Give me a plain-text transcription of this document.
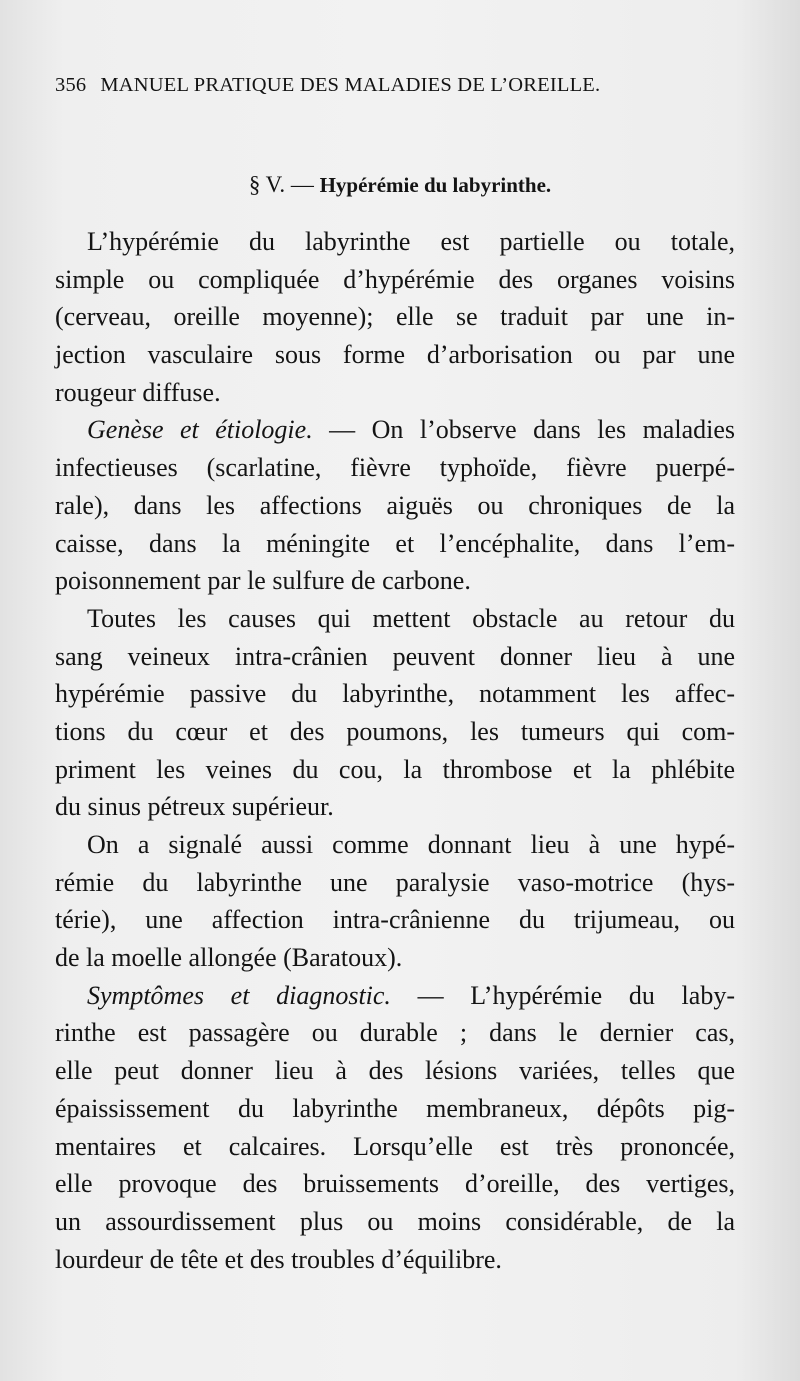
356 MANUEL PRATIQUE DES MALADIES DE L’OREILLE.
§ V. — Hypérémie du labyrinthe.
L’hypérémie du labyrinthe est partielle ou totale,
simple ou compliquée d’hypérémie des organes voisins
(cerveau, oreille moyenne); elle se traduit par une in-
jection vasculaire sous forme d’arborisation ou par une
rougeur diffuse.
Genèse et étiologie. — On l’observe dans les maladies
infectieuses (scarlatine, fièvre typhoïde, fièvre puerpé-
rale), dans les affections aiguës ou chroniques de la
caisse, dans la méningite et l’encéphalite, dans l’em-
poisonnement par le sulfure de carbone.
Toutes les causes qui mettent obstacle au retour du
sang veineux intra-crânien peuvent donner lieu à une
hypérémie passive du labyrinthe, notamment les affec-
tions du cœur et des poumons, les tumeurs qui com-
priment les veines du cou, la thrombose et la phlébite
du sinus pétreux supérieur.
On a signalé aussi comme donnant lieu à une hypé-
rémie du labyrinthe une paralysie vaso-motrice (hys-
térie), une affection intra-crânienne du trijumeau, ou
de la moelle allongée (Baratoux).
Symptômes et diagnostic. — L’hypérémie du laby-
rinthe est passagère ou durable ; dans le dernier cas,
elle peut donner lieu à des lésions variées, telles que
épaississement du labyrinthe membraneux, dépôts pig-
mentaires et calcaires. Lorsqu’elle est très prononcée,
elle provoque des bruissements d’oreille, des vertiges,
un assourdissement plus ou moins considérable, de la
lourdeur de tête et des troubles d’équilibre.
